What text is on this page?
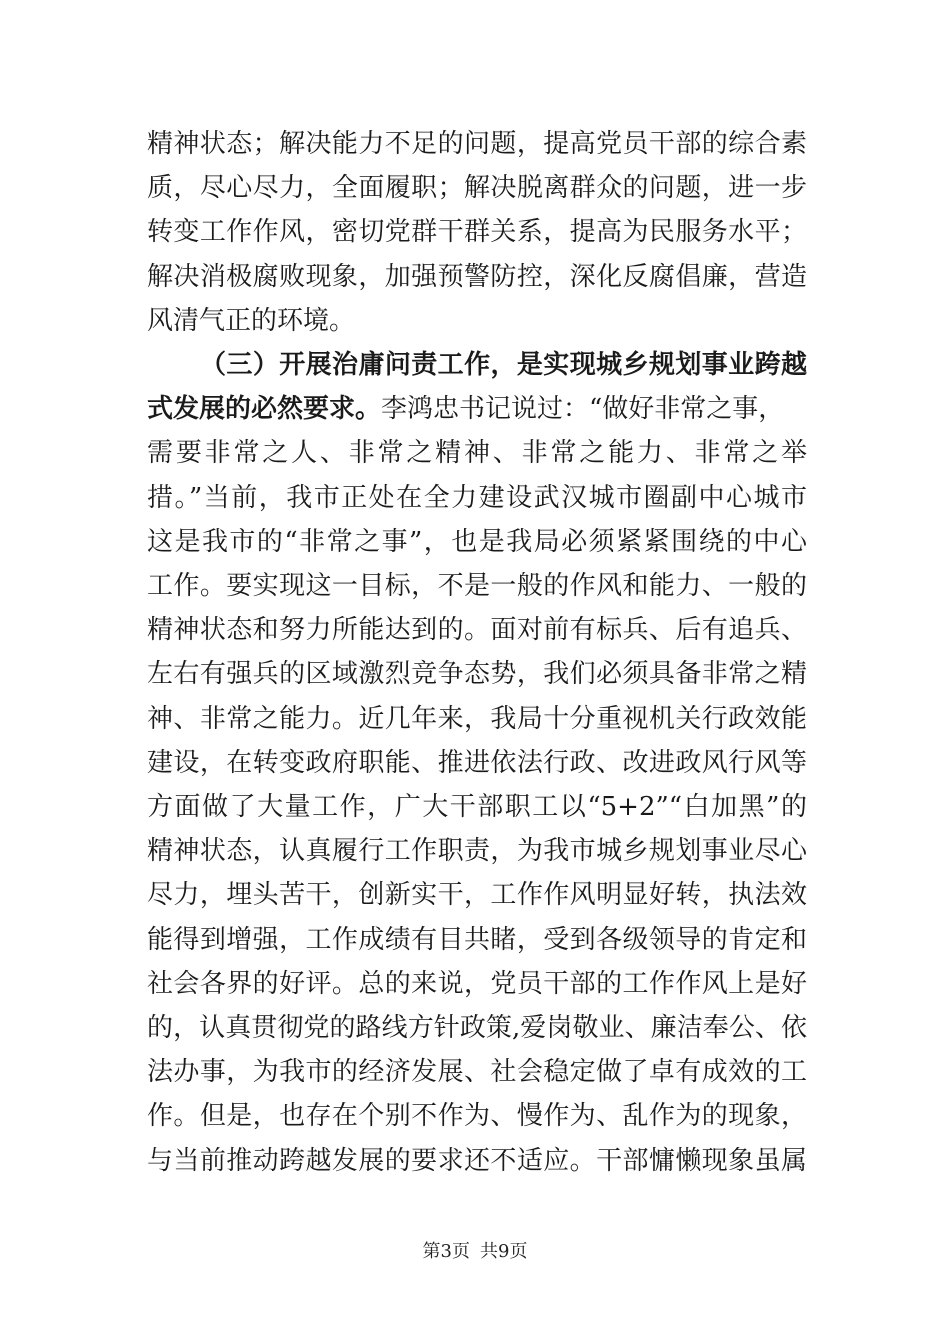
精神状态；解决能力不足的问题，提高党员干部的综合素
质，尽心尽力，全面履职；解决脱离群众的问题，进一步
转变工作作风，密切党群干群关系，提高为民服务水平；
解决消极腐败现象，加强预警防控，深化反腐倡廉，营造
风清气正的环境。
（三）开展治庸问责工作，是实现城乡规划事业跨越
式发展的必然要求。李鸿忠书记说过：“做好非常之事，
需要非常之人、非常之精神、非常之能力、非常之举
措。”当前，我市正处在全力建设武汉城市圈副中心城市
这是我市的“非常之事”，也是我局必须紧紧围绕的中心
工作。要实现这一目标，不是一般的作风和能力、一般的
精神状态和努力所能达到的。面对前有标兵、后有追兵、
左右有强兵的区域激烈竞争态势，我们必须具备非常之精
神、非常之能力。近几年来，我局十分重视机关行政效能
建设，在转变政府职能、推进依法行政、改进政风行风等
方面做了大量工作，广大干部职工以“5+2”“白加黑”的
精神状态，认真履行工作职责，为我市城乡规划事业尽心
尽力，埋头苦干，创新实干，工作作风明显好转，执法效
能得到增强，工作成绩有目共睹，受到各级领导的肯定和
社会各界的好评。总的来说，党员干部的工作作风上是好
的，认真贯彻党的路线方针政策,爱岗敬业、廉洁奉公、依
法办事，为我市的经济发展、社会稳定做了卓有成效的工
作。但是，也存在个别不作为、慢作为、乱作为的现象，
与当前推动跨越发展的要求还不适应。干部慵懒现象虽属
第3页 共9页
